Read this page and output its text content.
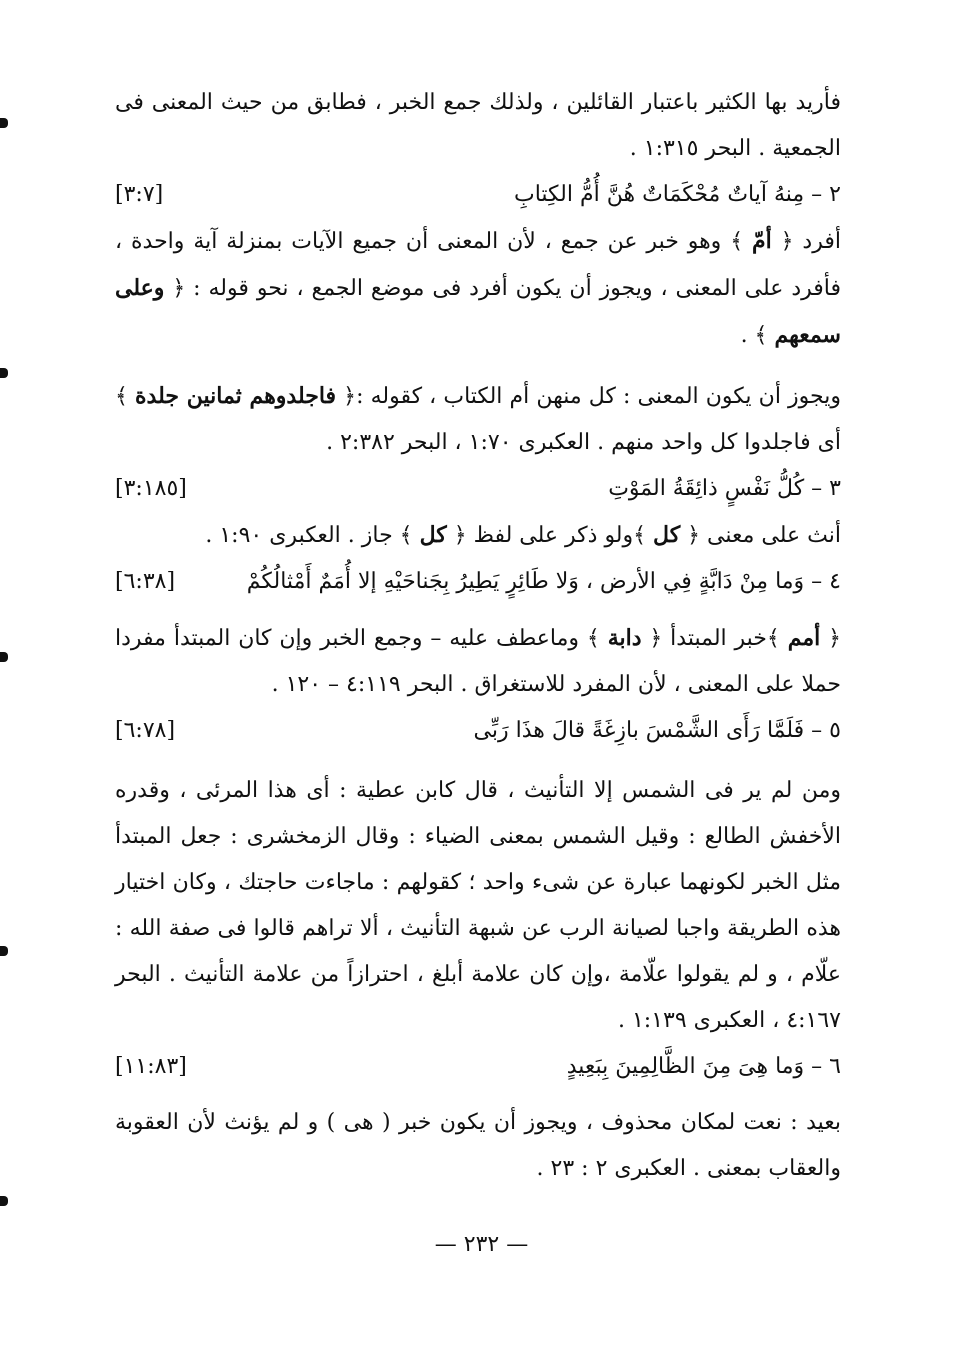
فأريد بها الكثير باعتبار القائلين ، ولذلك جمع الخبر ، فطابق من حيث المعنى فى الجمعية . البحر ١:٣١٥ .

٢ – مِنهُ آياتٌ مُحْكَمَاتٌ هُنَّ أُمُّ الكِتابِ
[٣:٧]

أفرد ﴿ أمّ ﴾ وهو خبر عن جمع ، لأن المعنى أن جميع الآيات بمنزلة آية واحدة ، فأفرد على المعنى ، ويجوز أن يكون أفرد فى موضع الجمع ، نحو قوله : ﴿ وعلى سمعهم ﴾ .

ويجوز أن يكون المعنى : كل منهن أم الكتاب ، كقوله :﴿ فاجلدوهم ثمانين جلدة ﴾أى فاجلدوا كل واحد منهم . العكبرى ١:٧٠ ، البحر ٢:٣٨٢ .

٣ – كُلُّ نَفْسٍ ذائِقَةُ المَوْتِ
[٣:١٨٥]

أنث على معنى ﴿ كل ﴾ولو ذكر على لفظ ﴿ كل ﴾ جاز . العكبرى ١:٩٠ .

٤ – وَما مِنْ دَابَّةٍ فِي الأرض ، وَلا طَائِرٍ يَطِيرُ بِجَناحَيْهِ إلا أُمَمٌ أَمْثالُكُمْ
[٦:٣٨]

﴿ أمم ﴾خبر المبتدأ ﴿ دابة ﴾ وماعطف عليه – وجمع الخبر وإن كان المبتدأ مفردا حملا على المعنى ، لأن المفرد للاستغراق . البحر ٤:١١٩ – ١٢٠ .

٥ – فَلَمَّا رَأَى الشَّمْسَ بازِغَةً قالَ هذَا رَبِّى
[٦:٧٨]

ومن لم ير فى الشمس إلا التأنيث ، قال كابن عطية : أى هذا المرئى ، وقدره الأخفش الطالع : وقيل الشمس بمعنى الضياء : وقال الزمخشرى : جعل المبتدأ مثل الخبر لكونهما عبارة عن شىء واحد ؛ كقولهم : ماجاءت حاجتك ، وكان اختيار هذه الطريقة واجبا لصيانة الرب عن شبهة التأنيث ، ألا تراهم قالوا فى صفة الله : علّام ، و لم يقولوا علّامة ،وإن كان علامة أبلغ ، احترازاً من علامة التأنيث . البحر ٤:١٦٧ ، العكبرى ١:١٣٩ .

٦ – وَما هِىَ مِنَ الظَّالِمِينَ بِبَعِيدٍ
[١١:٨٣]

بعيد : نعت لمكان محذوف ، ويجوز أن يكون خبر ( هى ) و لم يؤنث لأن العقوبة والعقاب بمعنى . العكبرى ٢ : ٢٣ .

— ٢٣٢ —
